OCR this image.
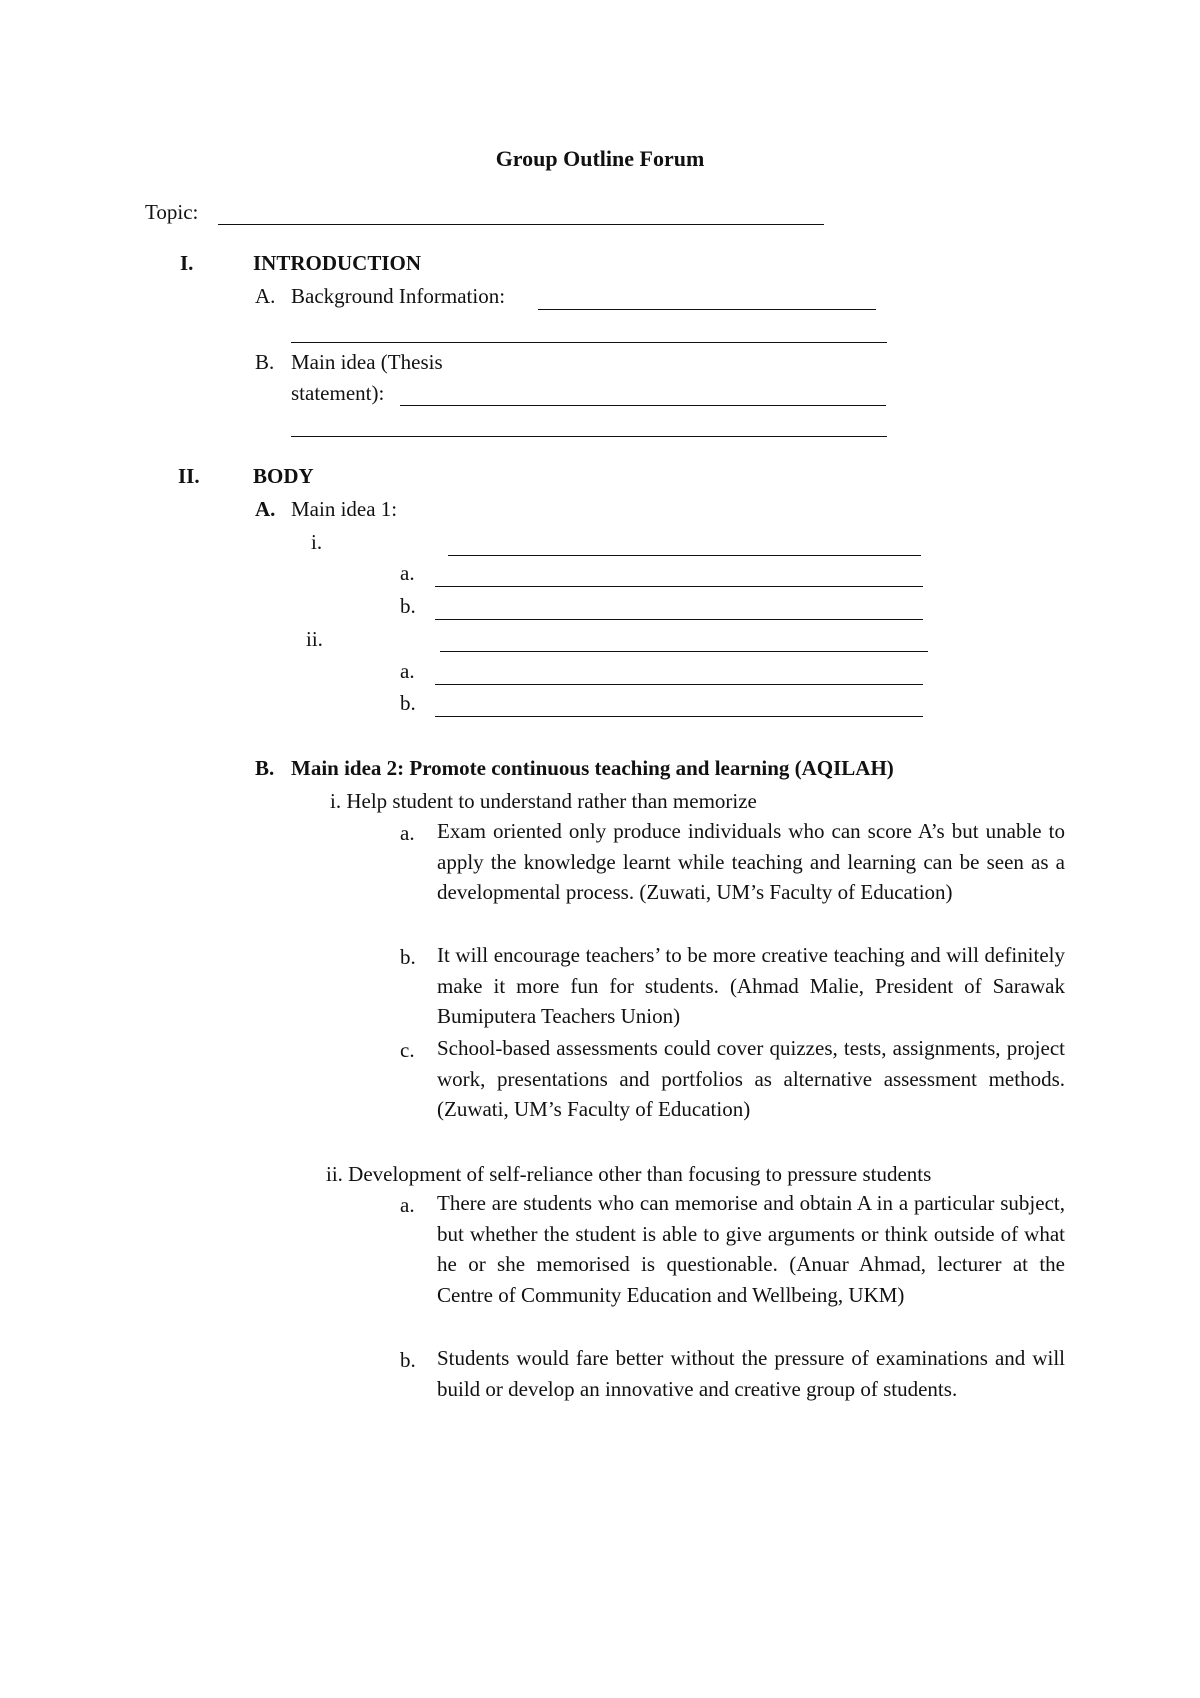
Group Outline Forum
Topic:
I.	INTRODUCTION
A. Background Information:
B. Main idea (Thesis
statement):
II.	BODY
A. Main idea 1:
i.
a.
b.
ii.
a.
b.
B. Main idea 2: Promote continuous teaching and learning (AQILAH)
i. Help student to understand rather than memorize
a. Exam oriented only produce individuals who can score A’s but unable to apply the knowledge learnt while teaching and learning can be seen as a developmental process. (Zuwati, UM’s Faculty of Education)
b. It will encourage teachers’ to be more creative teaching and will definitely make it more fun for students. (Ahmad Malie, President of Sarawak Bumiputera Teachers Union)
c. School-based assessments could cover quizzes, tests, assignments, project work, presentations and portfolios as alternative assessment methods. (Zuwati, UM’s Faculty of Education)
ii. Development of self-reliance other than focusing to pressure students
a. There are students who can memorise and obtain A in a particular subject, but whether the student is able to give arguments or think outside of what he or she memorised is questionable. (Anuar Ahmad, lecturer at the Centre of Community Education and Wellbeing, UKM)
b. Students would fare better without the pressure of examinations and will build or develop an innovative and creative group of students.
